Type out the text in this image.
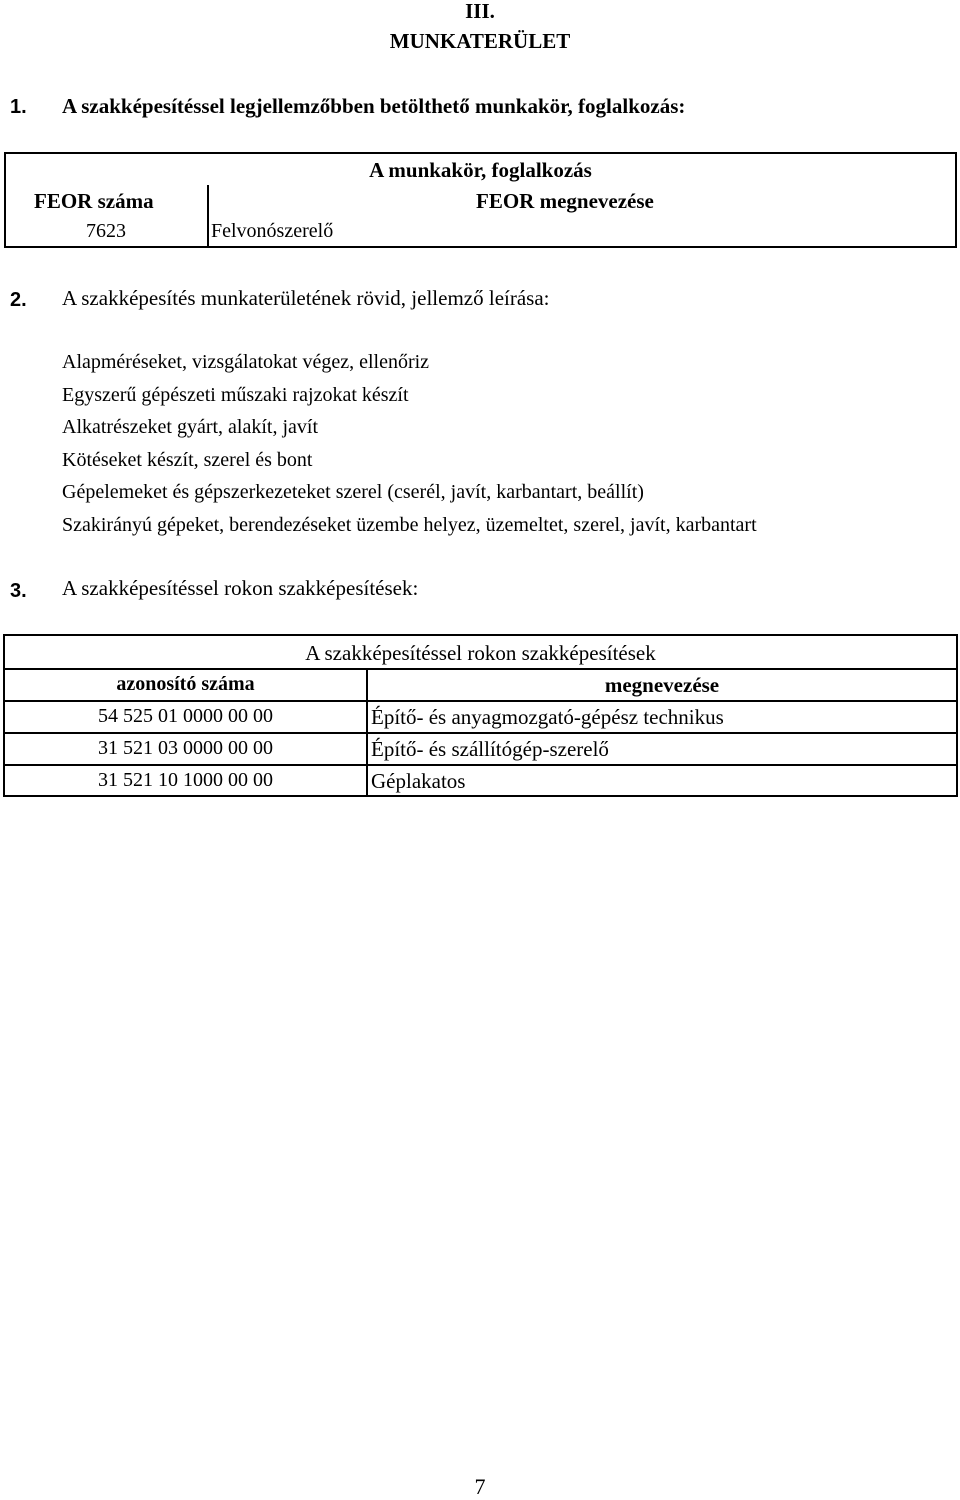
III.
MUNKATERÜLET
1. A szakképesítéssel legjellemzőbben betölthető munkakör, foglalkozás:
A munkakör, foglalkozás
FEOR száma	FEOR megnevezése
7623	Felvonószerelő
2. A szakképesítés munkaterületének rövid, jellemző leírása:
Alapméréseket, vizsgálatokat végez, ellenőriz
Egyszerű gépészeti műszaki rajzokat készít
Alkatrészeket gyárt, alakít, javít
Kötéseket készít, szerel és bont
Gépelemeket és gépszerkezeteket szerel (cserél, javít, karbantart, beállít)
Szakirányú gépeket, berendezéseket üzembe helyez, üzemeltet, szerel, javít, karbantart
3. A szakképesítéssel rokon szakképesítések:
A szakképesítéssel rokon szakképesítések
azonosító száma	megnevezése
54 525 01 0000 00 00	Építő- és anyagmozgató-gépész technikus
31 521 03 0000 00 00	Építő- és szállítógép-szerelő
31 521 10 1000 00 00	Géplakatos
7
